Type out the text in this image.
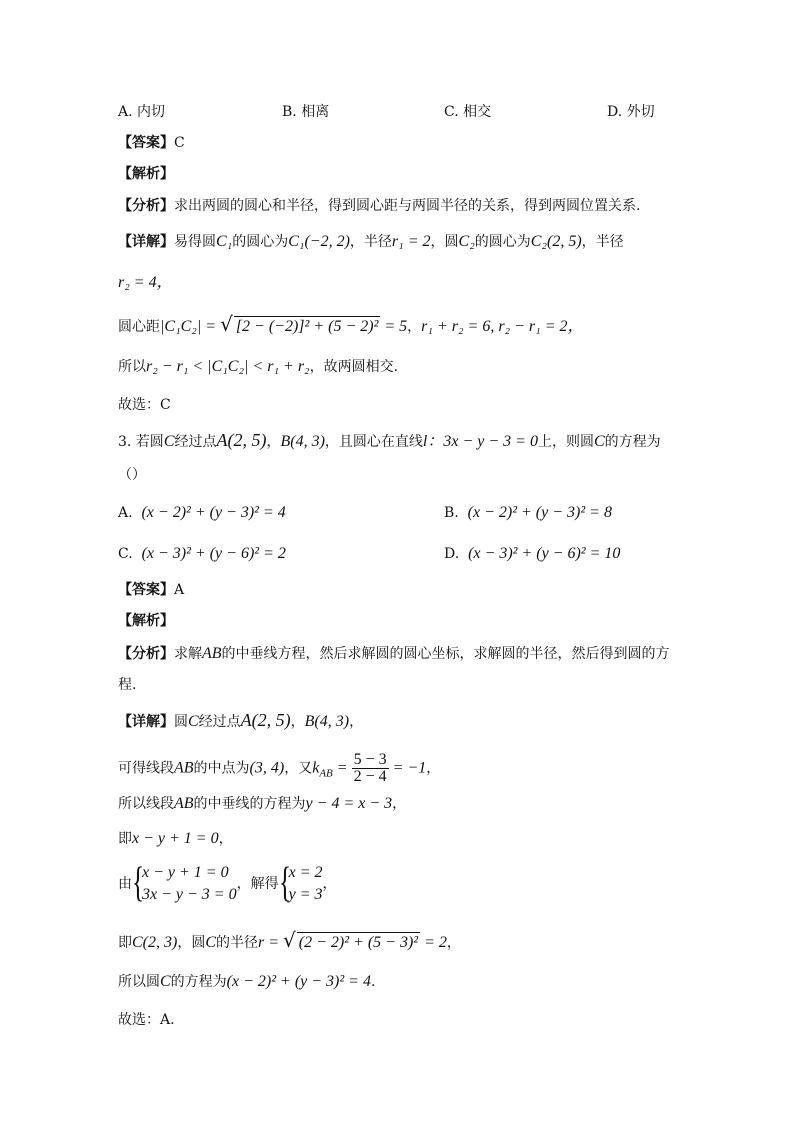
A. 内切	B. 相离	C. 相交	D. 外切
【答案】C
【解析】
【分析】求出两圆的圆心和半径，得到圆心距与两圆半径的关系，得到两圆位置关系.
【详解】易得圆C₁的圆心为C₁(−2, 2)，半径r₁ = 2，圆C₂的圆心为C₂(2, 5)，半径
r₂ = 4，
圆心距|C₁C₂| = √ [2 − (−2)]² + (5 − 2)² = 5，r₁ + r₂ = 6, r₂ − r₁ = 2，
所以r₂ − r₁ < |C₁C₂| < r₁ + r₂，故两圆相交.
故选：C
3. 若圆C经过点A(2, 5)，B(4, 3)，且圆心在直线l：3x − y − 3 = 0上，则圆C的方程为
（）
A. (x − 2)² + (y − 3)² = 4	B. (x − 2)² + (y − 3)² = 8
C. (x − 3)² + (y − 6)² = 2	D. (x − 3)² + (y − 6)² = 10
【答案】A
【解析】
【分析】求解AB的中垂线方程，然后求解圆的圆心坐标，求解圆的半径，然后得到圆的方
程.
【详解】圆C经过点A(2, 5)，B(4, 3)，
可得线段AB的中点为(3, 4)，又$k_{AB} = \frac{5 - 3}{2 - 4} = -1$，
所以线段AB的中垂线的方程为y − 4 = x − 3，
即x − y + 1 = 0，
由 {
x − y + 1 = 0
3x − y − 3 = 0
，解得 {
x = 2
y = 3
，
即C(2, 3)，圆C的半径r = √ (2 − 2)² + (5 − 3)² = 2，
所以圆C的方程为(x − 2)² + (y − 3)² = 4.
故选：A.
